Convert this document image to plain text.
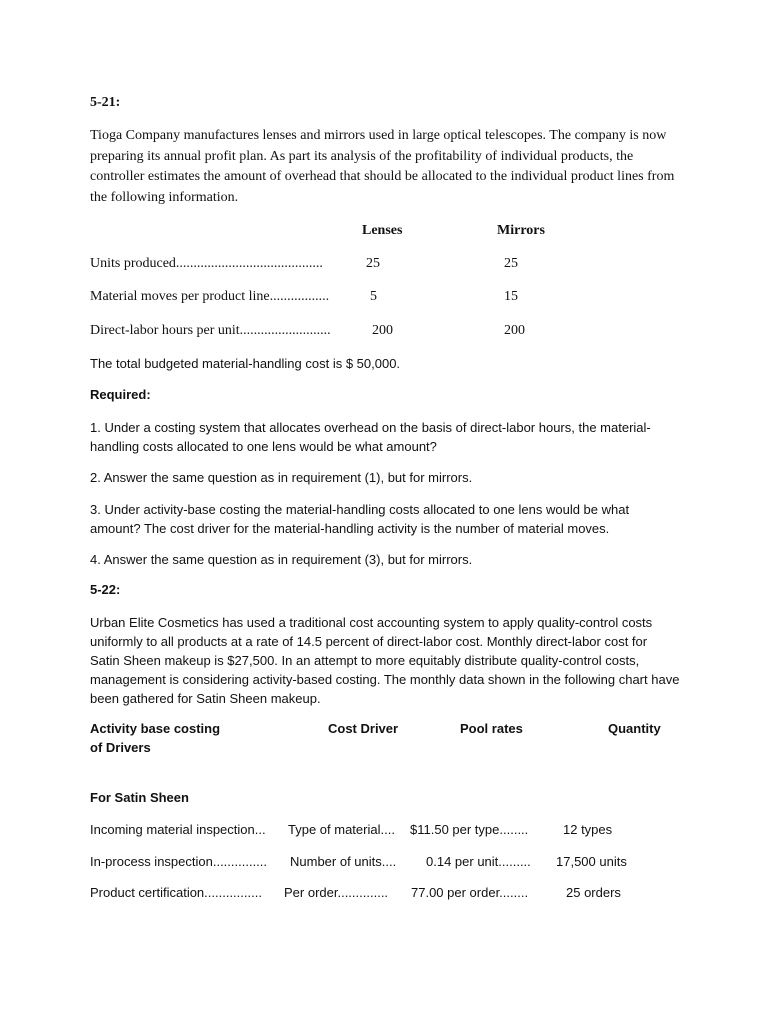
5-21:
Tioga Company manufactures lenses and mirrors used in large optical telescopes. The company is now preparing its annual profit plan. As part its analysis of the profitability of individual products, the controller estimates the amount of overhead that should be allocated to the individual product lines from the following information.
Lenses	Mirrors
Units produced..........................................	25	25
Material moves per product line.................	5	15
Direct-labor hours per unit..........................	200	200
The total budgeted material-handling cost is $ 50,000.
Required:
1. Under a costing system that allocates overhead on the basis of direct-labor hours, the material-handling costs allocated to one lens would be what amount?
2. Answer the same question as in requirement (1), but for mirrors.
3. Under activity-base costing the material-handling costs allocated to one lens would be what amount? The cost driver for the material-handling activity is the number of material moves.
4. Answer the same question as in requirement (3), but for mirrors.
5-22:
Urban Elite Cosmetics has used a traditional cost accounting system to apply quality-control costs uniformly to all products at a rate of 14.5 percent of direct-labor cost. Monthly direct-labor cost for Satin Sheen makeup is $27,500. In an attempt to more equitably distribute quality-control costs, management is considering activity-based costing. The monthly data shown in the following chart have been gathered for Satin Sheen makeup.
Activity base costing
of Drivers
Cost Driver	Pool rates	Quantity
For Satin Sheen
Incoming material inspection... Type of material.... $11.50 per type........	12 types
In-process inspection............... Number of units.... 0.14 per unit......... 17,500 units
Product certification................ Per order.............. 77.00 per order........	25 orders
